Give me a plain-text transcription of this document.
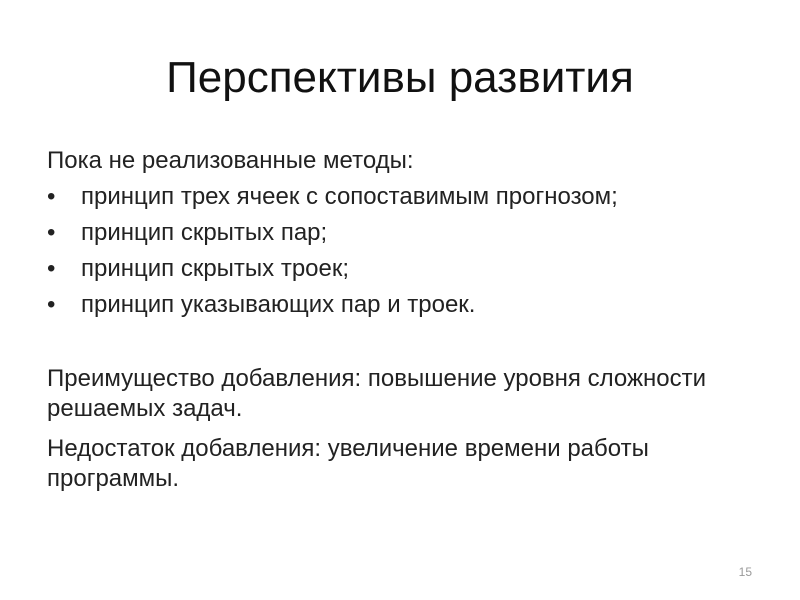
Перспективы развития

Пока не реализованные методы:

•	принцип трех ячеек с сопоставимым прогнозом;
•	принцип скрытых пар;
•	принцип скрытых троек;
•	принцип указывающих пар и троек.

Преимущество добавления: повышение уровня сложности решаемых задач.

Недостаток добавления: увеличение времени работы программы.

15
